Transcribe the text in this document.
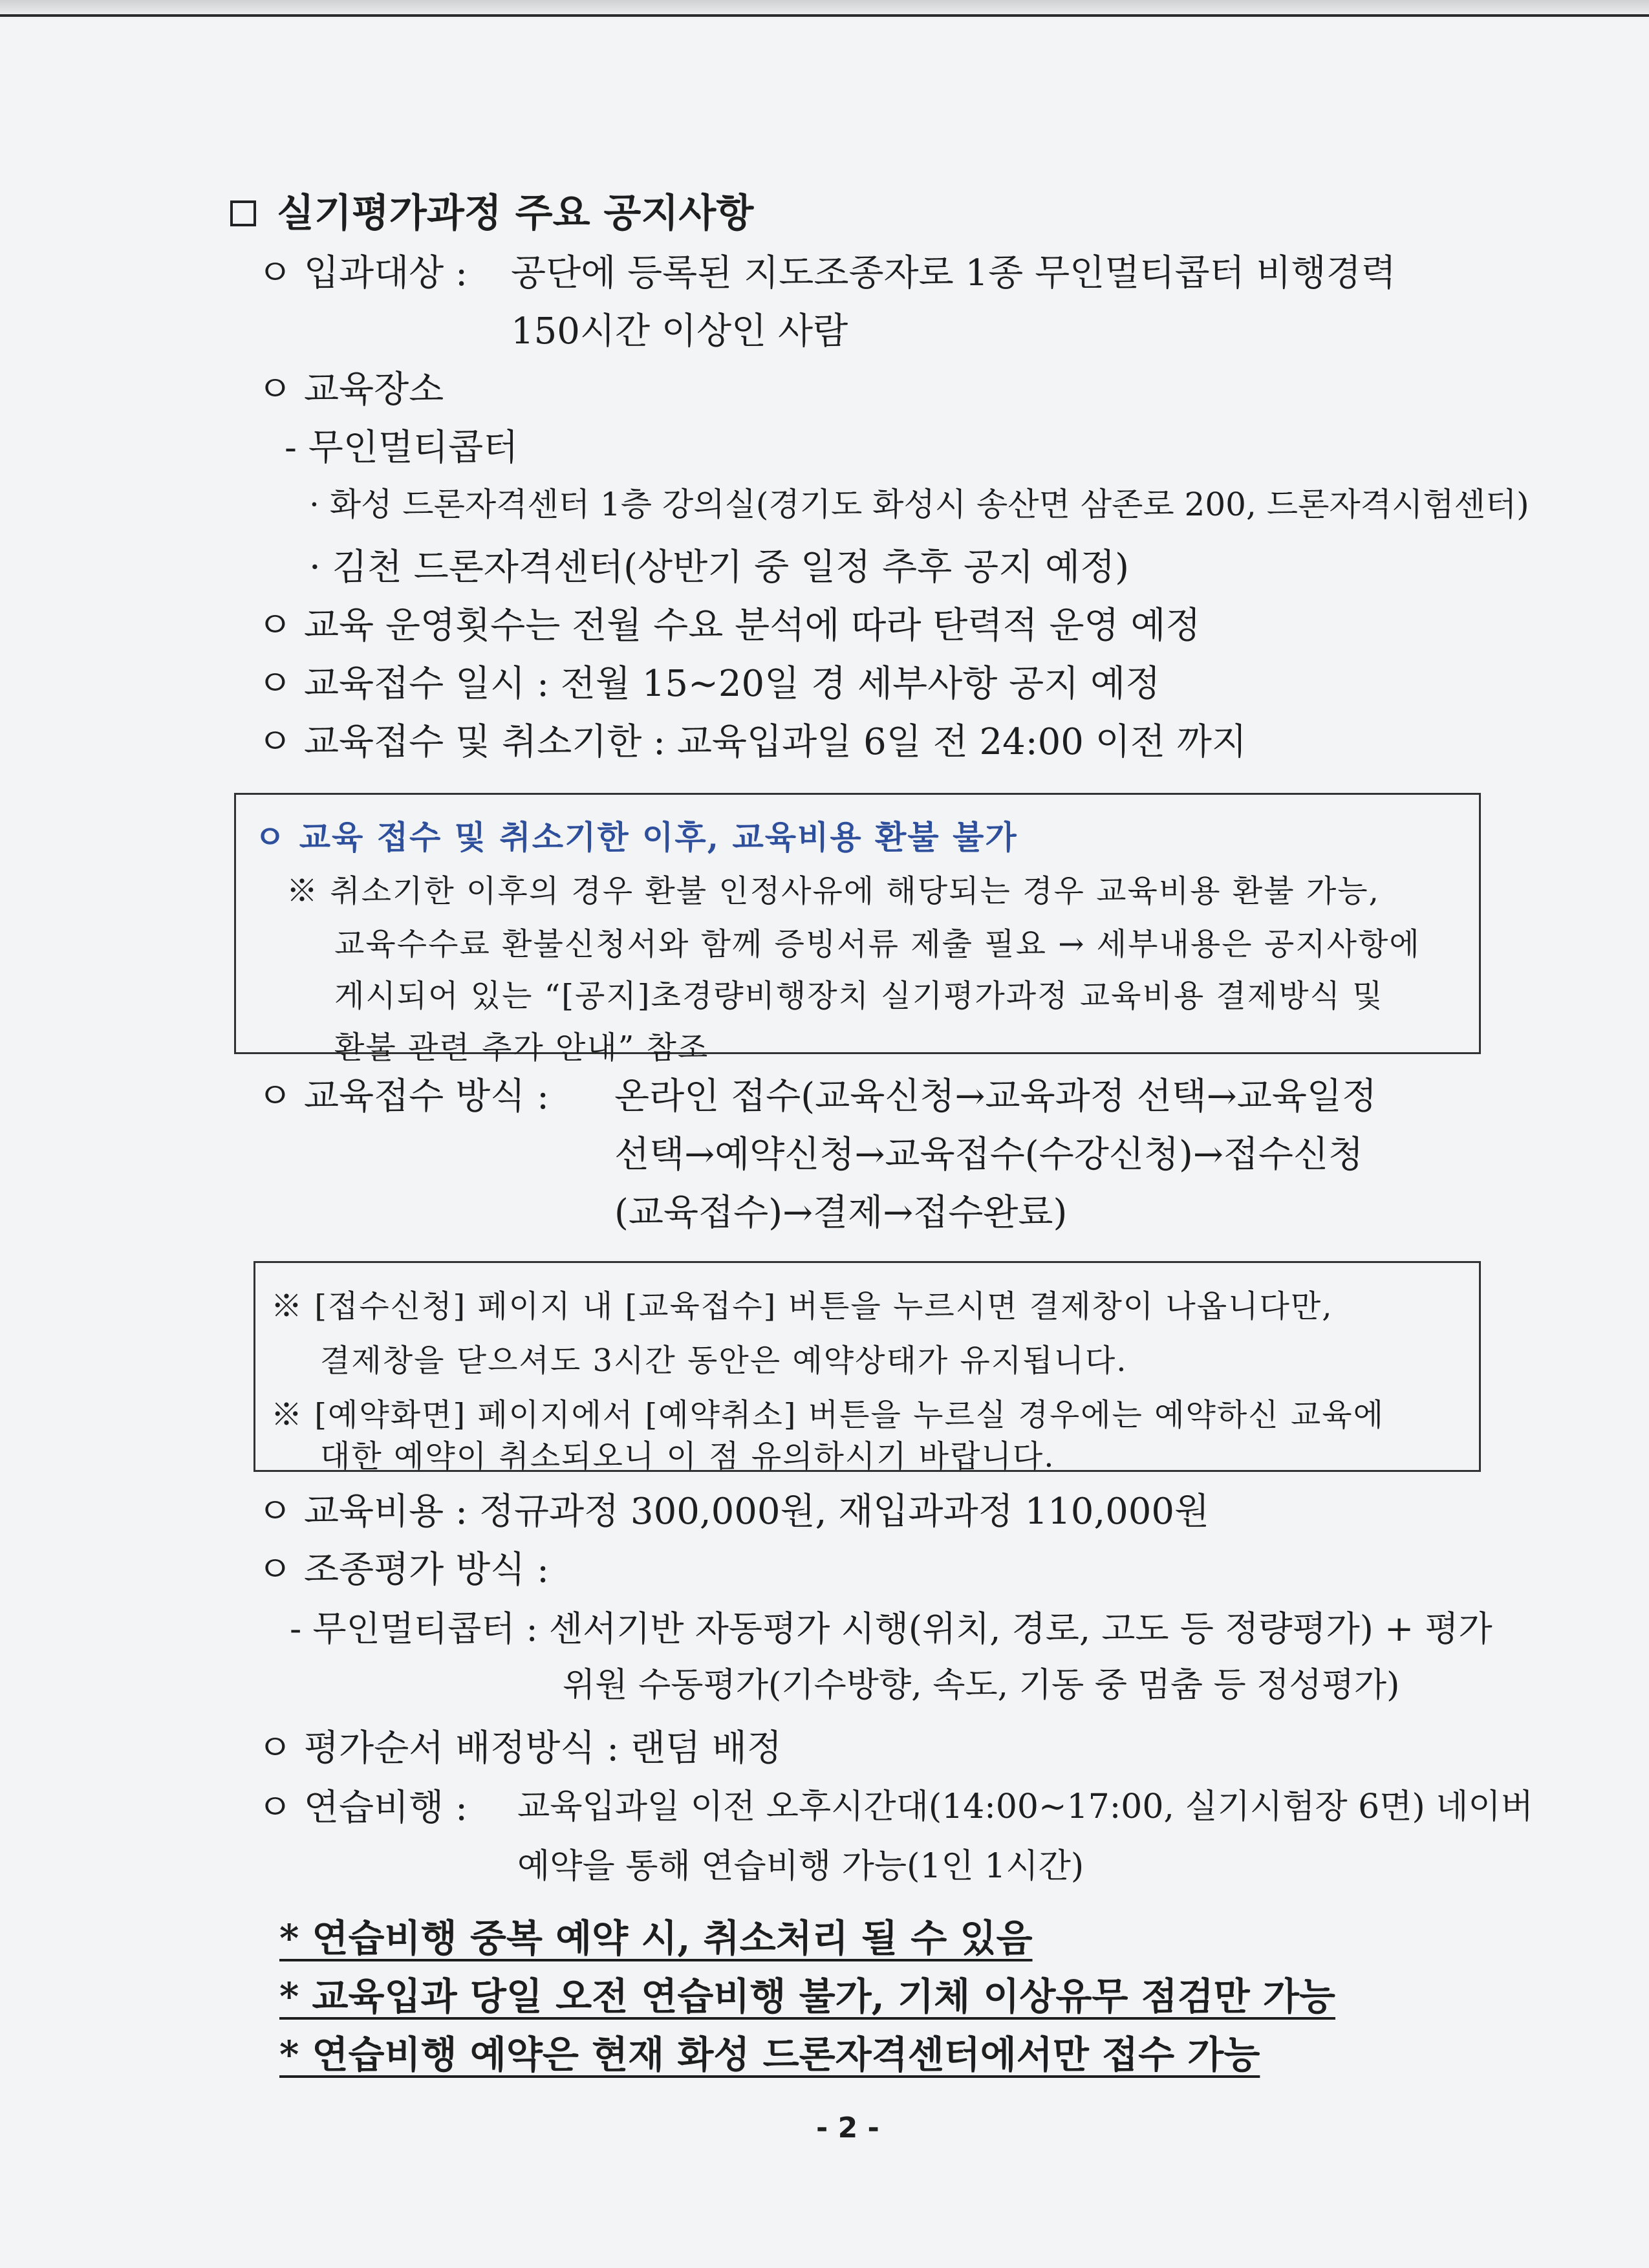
실기평가과정 주요 공지사항
ㅇ 입과대상 : 공단에 등록된 지도조종자로 1종 무인멀티콥터 비행경력
150시간 이상인 사람
ㅇ 교육장소
- 무인멀티콥터
· 화성 드론자격센터 1층 강의실(경기도 화성시 송산면 삼존로 200, 드론자격시험센터)
· 김천 드론자격센터(상반기 중 일정 추후 공지 예정)
ㅇ 교육 운영횟수는 전월 수요 분석에 따라 탄력적 운영 예정
ㅇ 교육접수 일시 : 전월 15~20일 경 세부사항 공지 예정
ㅇ 교육접수 및 취소기한 : 교육입과일 6일 전 24:00 이전 까지
ㅇ 교육 접수 및 취소기한 이후, 교육비용 환불 불가
※ 취소기한 이후의 경우 환불 인정사유에 해당되는 경우 교육비용 환불 가능,
교육수수료 환불신청서와 함께 증빙서류 제출 필요 → 세부내용은 공지사항에
게시되어 있는 “[공지]초경량비행장치 실기평가과정 교육비용 결제방식 및
환불 관련 추가 안내” 참조
ㅇ 교육접수 방식 : 온라인 접수(교육신청→교육과정 선택→교육일정
선택→예약신청→교육접수(수강신청)→접수신청
(교육접수)→결제→접수완료)
※ [접수신청] 페이지 내 [교육접수] 버튼을 누르시면 결제창이 나옵니다만,
결제창을 닫으셔도 3시간 동안은 예약상태가 유지됩니다.
※ [예약화면] 페이지에서 [예약취소] 버튼을 누르실 경우에는 예약하신 교육에
대한 예약이 취소되오니 이 점 유의하시기 바랍니다.
ㅇ 교육비용 : 정규과정 300,000원, 재입과과정 110,000원
ㅇ 조종평가 방식 :
- 무인멀티콥터 : 센서기반 자동평가 시행(위치, 경로, 고도 등 정량평가) + 평가
위원 수동평가(기수방향, 속도, 기동 중 멈춤 등 정성평가)
ㅇ 평가순서 배정방식 : 랜덤 배정
ㅇ 연습비행 : 교육입과일 이전 오후시간대(14:00~17:00, 실기시험장 6면) 네이버
예약을 통해 연습비행 가능(1인 1시간)
* 연습비행 중복 예약 시, 취소처리 될 수 있음
* 교육입과 당일 오전 연습비행 불가, 기체 이상유무 점검만 가능
* 연습비행 예약은 현재 화성 드론자격센터에서만 접수 가능
- 2 -
